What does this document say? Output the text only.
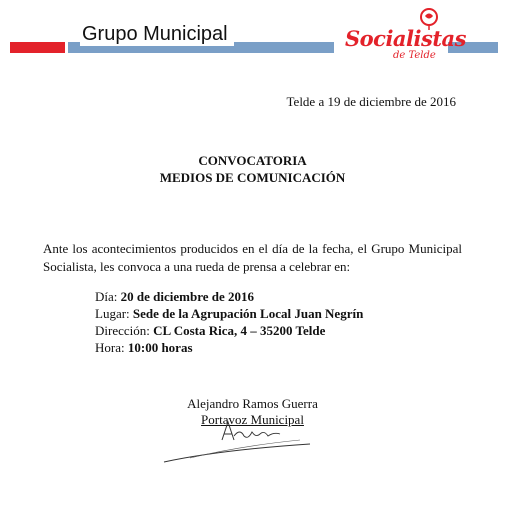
Grupo Municipal	Socialistas
de Telde
Telde a 19 de diciembre de 2016
CONVOCATORIA
MEDIOS DE COMUNICACIÓN
Ante los acontecimientos producidos en el día de la fecha, el Grupo Municipal Socialista, les convoca a una rueda de prensa a celebrar en:
Día: 20 de diciembre de 2016
Lugar: Sede de la Agrupación Local Juan Negrín
Dirección: CL Costa Rica, 4 – 35200 Telde
Hora: 10:00 horas
Alejandro Ramos Guerra
Portavoz Municipal
